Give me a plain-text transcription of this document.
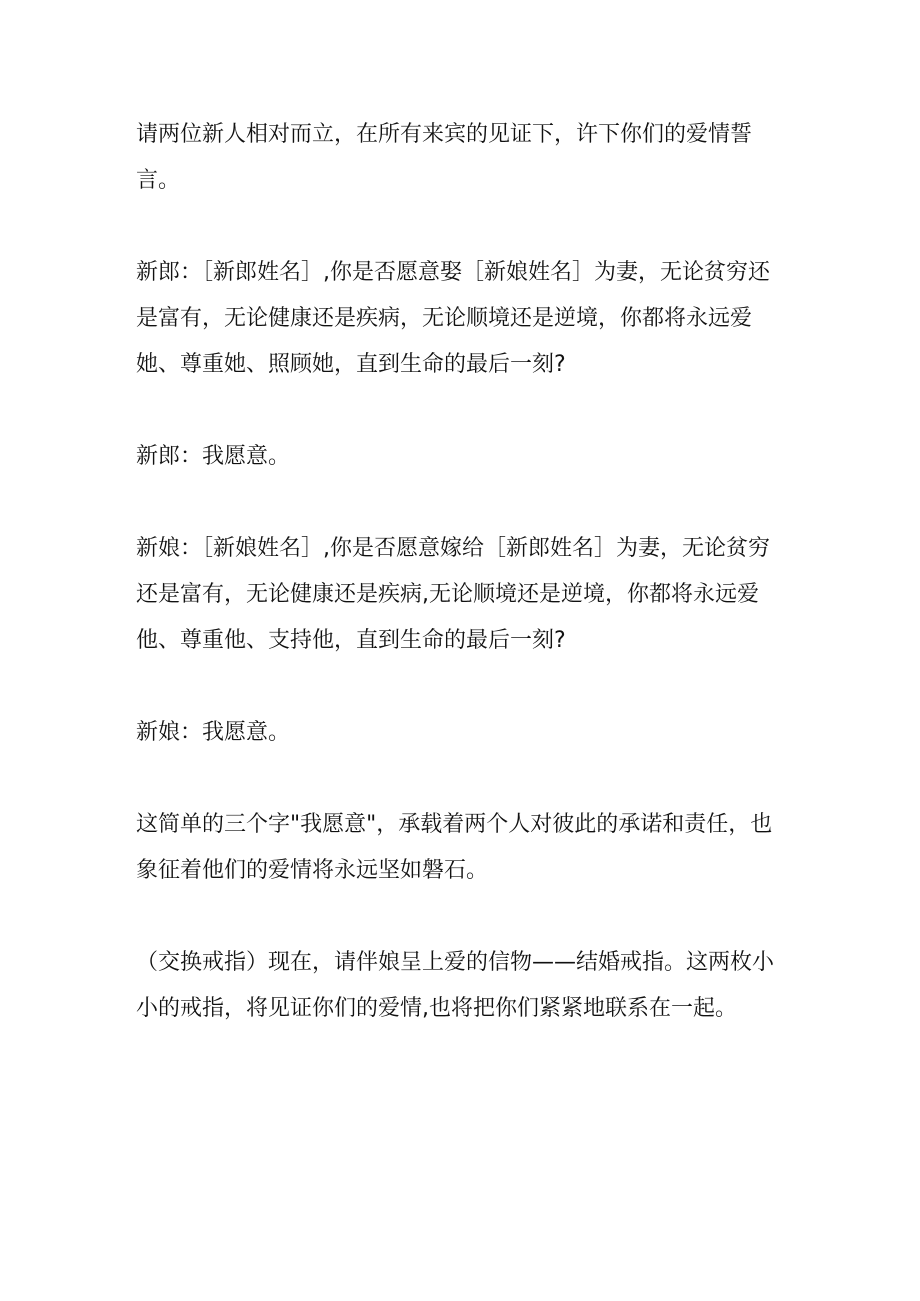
请两位新人相对而立，在所有来宾的见证下，许下你们的爱情誓言。

新郎：［新郎姓名］,你是否愿意娶［新娘姓名］为妻，无论贫穷还是富有，无论健康还是疾病，无论顺境还是逆境，你都将永远爱她、尊重她、照顾她，直到生命的最后一刻?

新郎：我愿意。

新娘：［新娘姓名］,你是否愿意嫁给［新郎姓名］为妻，无论贫穷还是富有，无论健康还是疾病,无论顺境还是逆境，你都将永远爱他、尊重他、支持他，直到生命的最后一刻?

新娘：我愿意。

这简单的三个字"我愿意"，承载着两个人对彼此的承诺和责任，也象征着他们的爱情将永远坚如磐石。

（交换戒指）现在，请伴娘呈上爱的信物——结婚戒指。这两枚小小的戒指，将见证你们的爱情,也将把你们紧紧地联系在一起。
